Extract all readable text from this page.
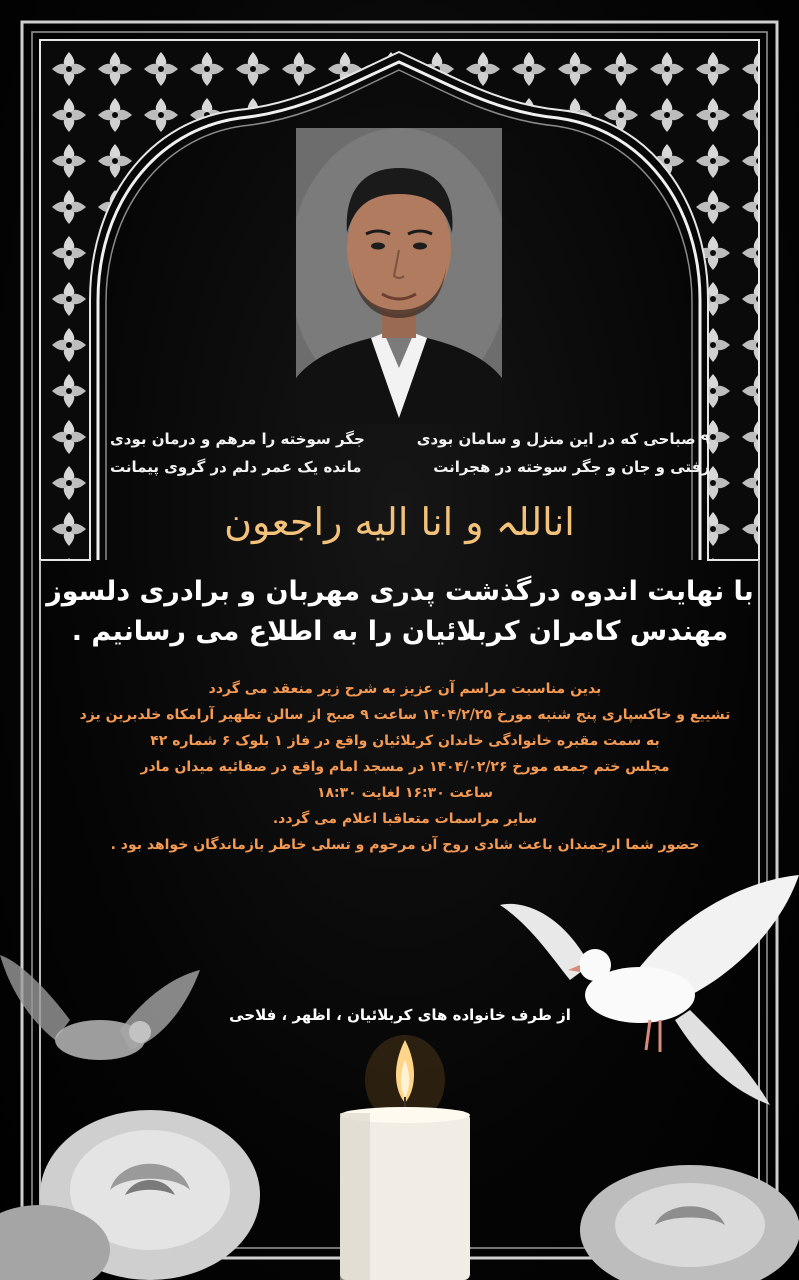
۹ صباحی که در این منزل و سامان بودی
جگر سوخته را مرهم و درمان بودی
رفتی و جان و جگر سوخته در هجرانت
مانده یک عمر دلم در گروی پیمانت
اناللہ و انا الیه راجعون
با نهایت اندوه درگذشت پدری مهربان و برادری دلسوز
مهندس کامران کربلائیان را به اطلاع می رسانیم .
بدین مناسبت مراسم آن عزیز به شرح زیر منعقد می گردد
تشییع و خاکسپاری پنج شنبه مورخ ۱۴۰۴/۲/۲۵ ساعت ۹ صبح از سالن تطهیر آرامکاه خلدبرین یزد
به سمت مقبره خانوادگی خاندان کربلائیان واقع در فاز ۱ بلوک ۶ شماره ۴۲
مجلس ختم جمعه مورخ ۱۴۰۴/۰۲/۲۶ در مسجد امام واقع در صفائیه میدان مادر
ساعت ۱۶:۳۰ لغایت ۱۸:۳۰
سایر مراسمات متعاقبا اعلام می گردد.
حضور شما ارجمندان باعث شادی روح آن مرحوم و تسلی خاطر بازماندگان خواهد بود .
از طرف خانواده های کربلائیان ، اظهر ، فلاحی
